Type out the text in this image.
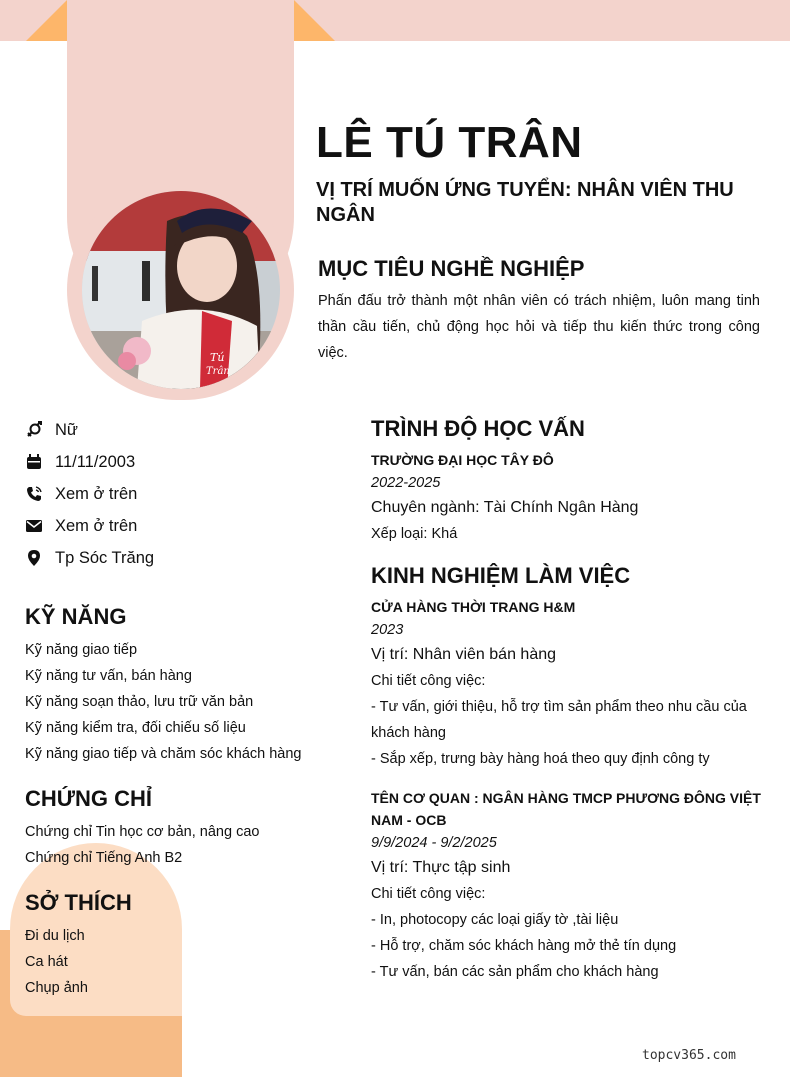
Tú
Trân
LÊ TÚ TRÂN
VỊ TRÍ MUỐN ỨNG TUYỂN: NHÂN VIÊN THU NGÂN
MỤC TIÊU NGHỀ NGHIỆP
Phấn đấu trở thành một nhân viên có trách nhiệm, luôn mang tinh thần cầu tiến, chủ động học hỏi và tiếp thu kiến thức trong công việc.
Nữ
11/11/2003
Xem ở trên
Xem ở trên
Tp Sóc Trăng
KỸ NĂNG
Kỹ năng giao tiếp
Kỹ năng tư vấn, bán hàng
Kỹ năng soạn thảo, lưu trữ văn bản
Kỹ năng kiểm tra, đối chiếu số liệu
Kỹ năng giao tiếp và chăm sóc khách hàng
CHỨNG CHỈ
Chứng chỉ Tin học cơ bản, nâng cao
Chứng chỉ Tiếng Anh B2
SỞ THÍCH
Đi du lịch
Ca hát
Chụp ảnh
TRÌNH ĐỘ HỌC VẤN
TRƯỜNG ĐẠI HỌC TÂY ĐÔ
2022-2025
Chuyên ngành: Tài Chính Ngân Hàng
Xếp loại: Khá
KINH NGHIỆM LÀM VIỆC
CỬA HÀNG THỜI TRANG H&M
2023
Vị trí: Nhân viên bán hàng
Chi tiết công việc:
- Tư vấn, giới thiệu, hỗ trợ tìm sản phẩm theo nhu cầu của khách hàng
- Sắp xếp, trưng bày hàng hoá theo quy định công ty
TÊN CƠ QUAN : NGÂN HÀNG TMCP PHƯƠNG ĐÔNG VIỆT NAM - OCB
9/9/2024 - 9/2/2025
Vị trí: Thực tập sinh
Chi tiết công việc:
- In, photocopy các loại giấy tờ ,tài liệu
- Hỗ trợ, chăm sóc khách hàng mở thẻ tín dụng
- Tư vấn, bán các sản phẩm cho khách hàng
topcv365.com
